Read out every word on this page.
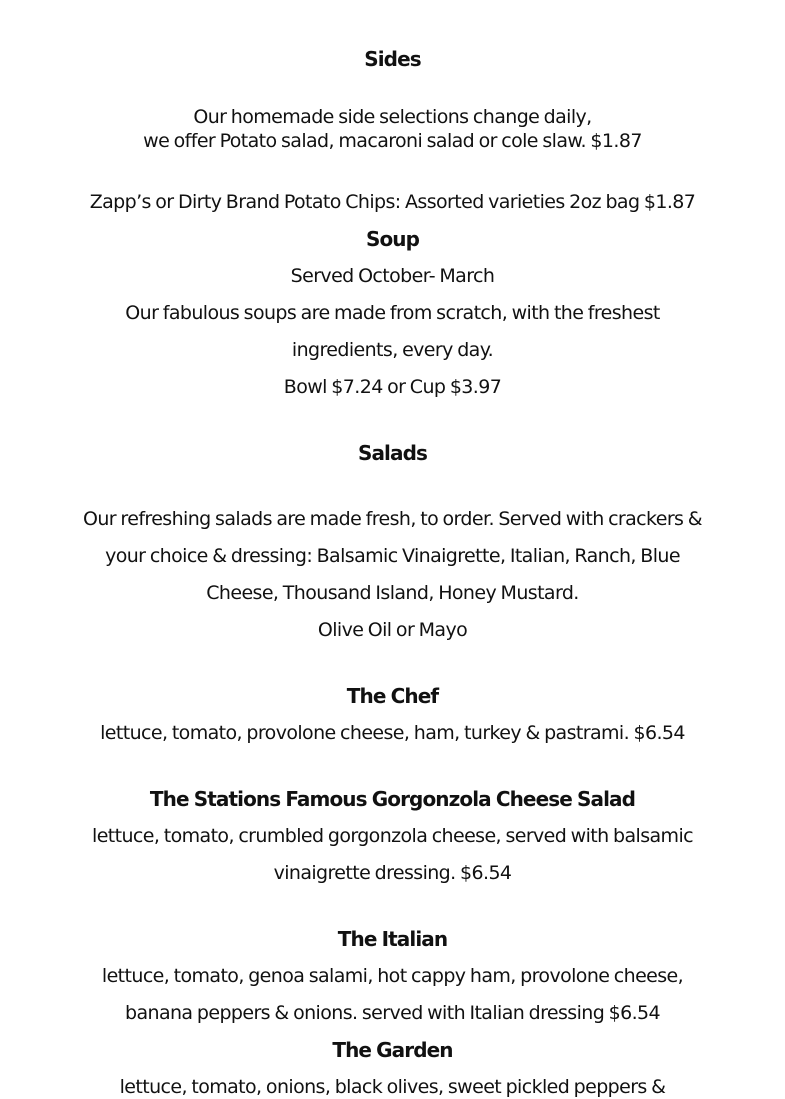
Sides
Our homemade side selections change daily,
we offer Potato salad, macaroni salad or cole slaw. $1.87
Zapp’s or Dirty Brand Potato Chips: Assorted varieties 2oz bag $1.87
Soup
Served October- March
Our fabulous soups are made from scratch, with the freshest
ingredients, every day.
Bowl $7.24 or Cup $3.97
Salads
Our refreshing salads are made fresh, to order. Served with crackers &
your choice & dressing: Balsamic Vinaigrette, Italian, Ranch, Blue
Cheese, Thousand Island, Honey Mustard.
Olive Oil or Mayo
The Chef
lettuce, tomato, provolone cheese, ham, turkey & pastrami. $6.54
The Stations Famous Gorgonzola Cheese Salad
lettuce, tomato, crumbled gorgonzola cheese, served with balsamic
vinaigrette dressing. $6.54
The Italian
lettuce, tomato, genoa salami, hot cappy ham, provolone cheese,
banana peppers & onions. served with Italian dressing $6.54
The Garden
lettuce, tomato, onions, black olives, sweet pickled peppers &
